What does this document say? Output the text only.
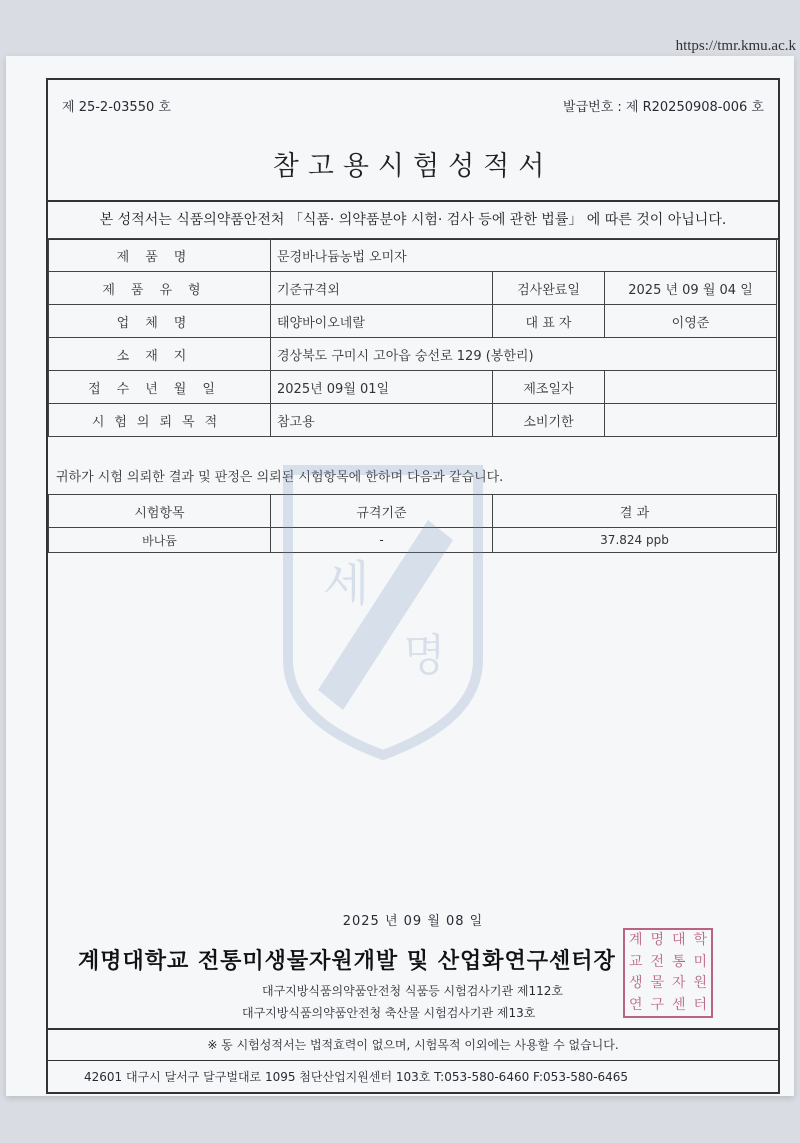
https://tmr.kmu.ac.k
제 25-2-03550 호	발급번호 : 제 R20250908-006 호
참고용시험성적서
본 성적서는 식품의약품안전처 「식품· 의약품분야 시험· 검사 등에 관한 법률」 에 따른 것이 아닙니다.
제품명	문경바나듐농법 오미자		
제품유형	기준규격외	검사완료일	2025 년 09 월 04 일
업체명	태양바이오네랄	대 표 자	이영준
소재지	경상북도 구미시 고아읍 숭선로 129 (봉한리)		
접수년월일	2025년 09월 01일	제조일자	
시험의뢰목적	참고용	소비기한	
귀하가 시험 의뢰한 결과 및 판정은 의뢰된 시험항목에 한하며 다음과 같습니다.
시험항목	규격기준	결 과
바나듐	-	37.824 ppb
세
명
2025 년 09 월 08 일
계명대학교 전통미생물자원개발 및 산업화연구센터장
대구지방식품의약품안전청 식품등 시험검사기관 제112호
대구지방식품의약품안전청 축산물 시험검사기관 제13호
계 명 대 학
교 전 통 미
생 물 자 원
연 구 센 터
※ 동 시험성적서는 법적효력이 없으며, 시험목적 이외에는 사용할 수 없습니다.
42601 대구시 달서구 달구벌대로 1095 첨단산업지원센터 103호 T:053-580-6460 F:053-580-6465
